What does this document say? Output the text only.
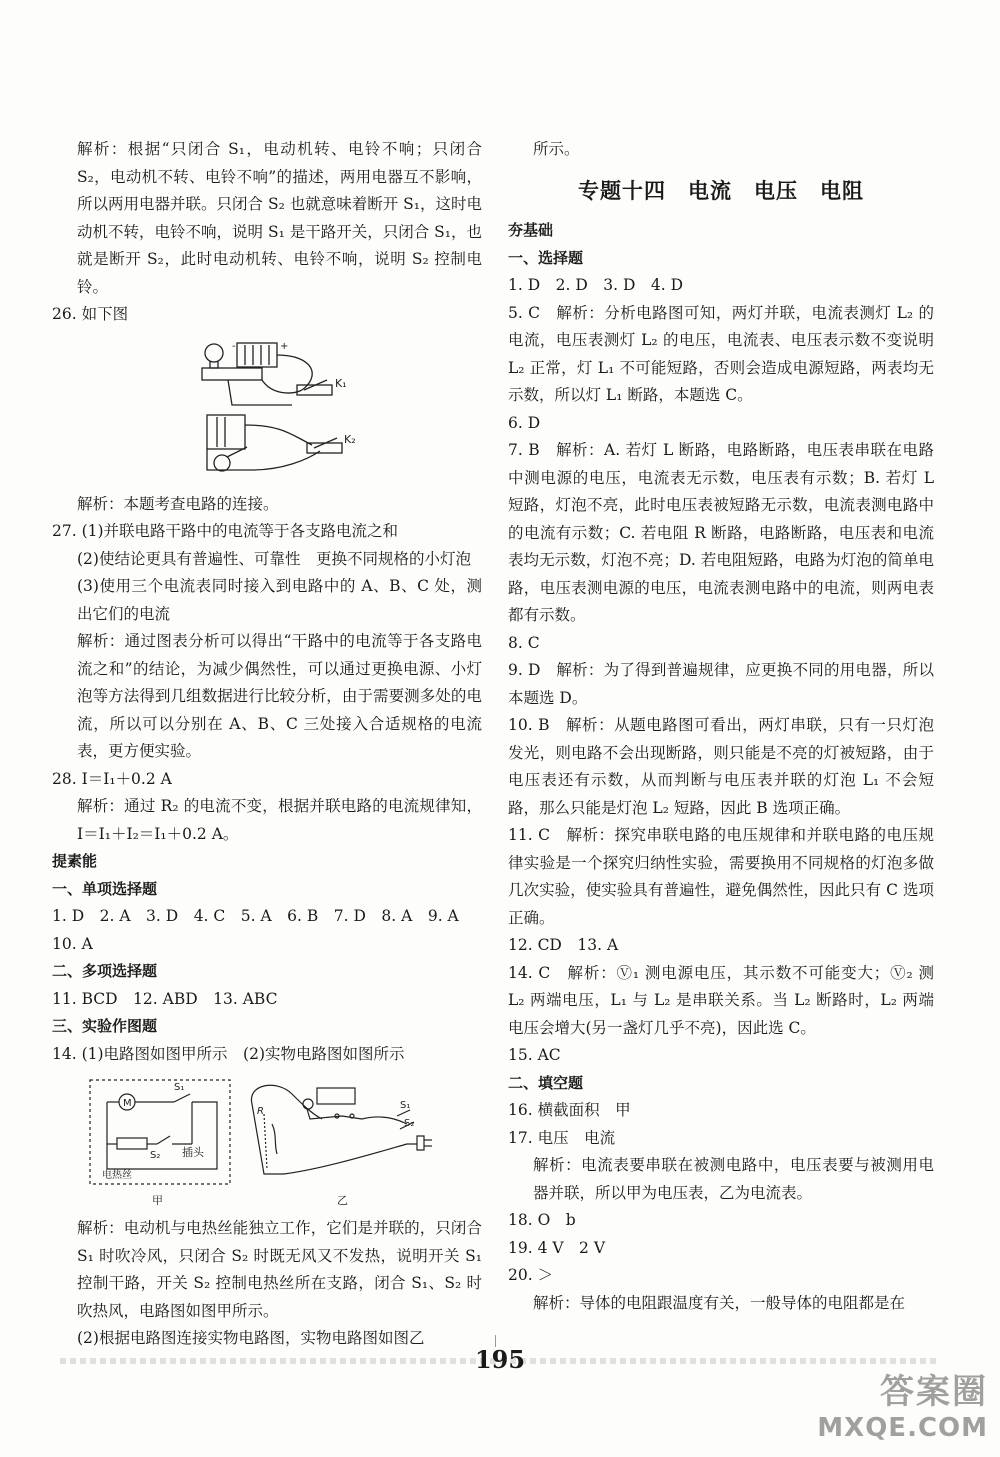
解析：根据“只闭合 S₁，电动机转、电铃不响；只闭合 S₂，电动机不转、电铃不响”的描述，两用电器互不影响，所以两用电器并联。只闭合 S₂ 也就意味着断开 S₁，这时电动机不转，电铃不响，说明 S₁ 是干路开关，只闭合 S₁，也就是断开 S₂，此时电动机转、电铃不响，说明 S₂ 控制电铃。

26. 如下图

+
-
K₁
K₂

解析：本题考查电路的连接。

27. (1)并联电路干路中的电流等于各支路电流之和

(2)使结论更具有普遍性、可靠性　更换不同规格的小灯泡

(3)使用三个电流表同时接入到电路中的 A、B、C 处，测出它们的电流

解析：通过图表分析可以得出“干路中的电流等于各支路电流之和”的结论，为减少偶然性，可以通过更换电源、小灯泡等方法得到几组数据进行比较分析，由于需要测多处的电流，所以可以分别在 A、B、C 三处接入合适规格的电流表，更方便实验。

28. I＝I₁＋0.2 A

解析：通过 R₂ 的电流不变，根据并联电路的电流规律知，I＝I₁＋I₂＝I₁＋0.2 A。

提素能

一、单项选择题

1. D　2. A　3. D　4. C　5. A　6. B　7. D　8. A　9. A

10. A

二、多项选择题

11. BCD　12. ABD　13. ABC

三、实验作图题

14. (1)电路图如图甲所示　(2)实物电路图如图所示

M
S₁
S₂ 插头
电热丝
甲
R
S₁
S₂
乙

解析：电动机与电热丝能独立工作，它们是并联的，只闭合 S₁ 时吹冷风，只闭合 S₂ 时既无风又不发热，说明开关 S₁ 控制干路，开关 S₂ 控制电热丝所在支路，闭合 S₁、S₂ 时吹热风，电路图如图甲所示。

(2)根据电路图连接实物电路图，实物电路图如图乙

所示。

专题十四　电流　电压　电阻

夯基础

一、选择题

1. D　2. D　3. D　4. D

5. C　解析：分析电路图可知，两灯并联，电流表测灯 L₂ 的电流，电压表测灯 L₂ 的电压，电流表、电压表示数不变说明 L₂ 正常，灯 L₁ 不可能短路，否则会造成电源短路，两表均无示数，所以灯 L₁ 断路，本题选 C。

6. D

7. B　解析：A. 若灯 L 断路，电路断路，电压表串联在电路中测电源的电压，电流表无示数，电压表有示数；B. 若灯 L 短路，灯泡不亮，此时电压表被短路无示数，电流表测电路中的电流有示数；C. 若电阻 R 断路，电路断路，电压表和电流表均无示数，灯泡不亮；D. 若电阻短路，电路为灯泡的简单电路，电压表测电源的电压，电流表测电路中的电流，则两电表都有示数。

8. C

9. D　解析：为了得到普遍规律，应更换不同的用电器，所以本题选 D。

10. B　解析：从题电路图可看出，两灯串联，只有一只灯泡发光，则电路不会出现断路，则只能是不亮的灯被短路，由于电压表还有示数，从而判断与电压表并联的灯泡 L₁ 不会短路，那么只能是灯泡 L₂ 短路，因此 B 选项正确。

11. C　解析：探究串联电路的电压规律和并联电路的电压规律实验是一个探究归纳性实验，需要换用不同规格的灯泡多做几次实验，使实验具有普遍性，避免偶然性，因此只有 C 选项正确。

12. CD　13. A

14. C　解析：Ⓥ₁ 测电源电压，其示数不可能变大；Ⓥ₂ 测 L₂ 两端电压，L₁ 与 L₂ 是串联关系。当 L₂ 断路时，L₂ 两端电压会增大(另一盏灯几乎不亮)，因此选 C。

15. AC

二、填空题

16. 横截面积　甲

17. 电压　电流

解析：电流表要串联在被测电路中，电压表要与被测用电器并联，所以甲为电压表，乙为电流表。

18. O　b

19. 4 V　2 V

20. ＞

解析：导体的电阻跟温度有关，一般导体的电阻都是在

195
答案圈
MXQE.COM
